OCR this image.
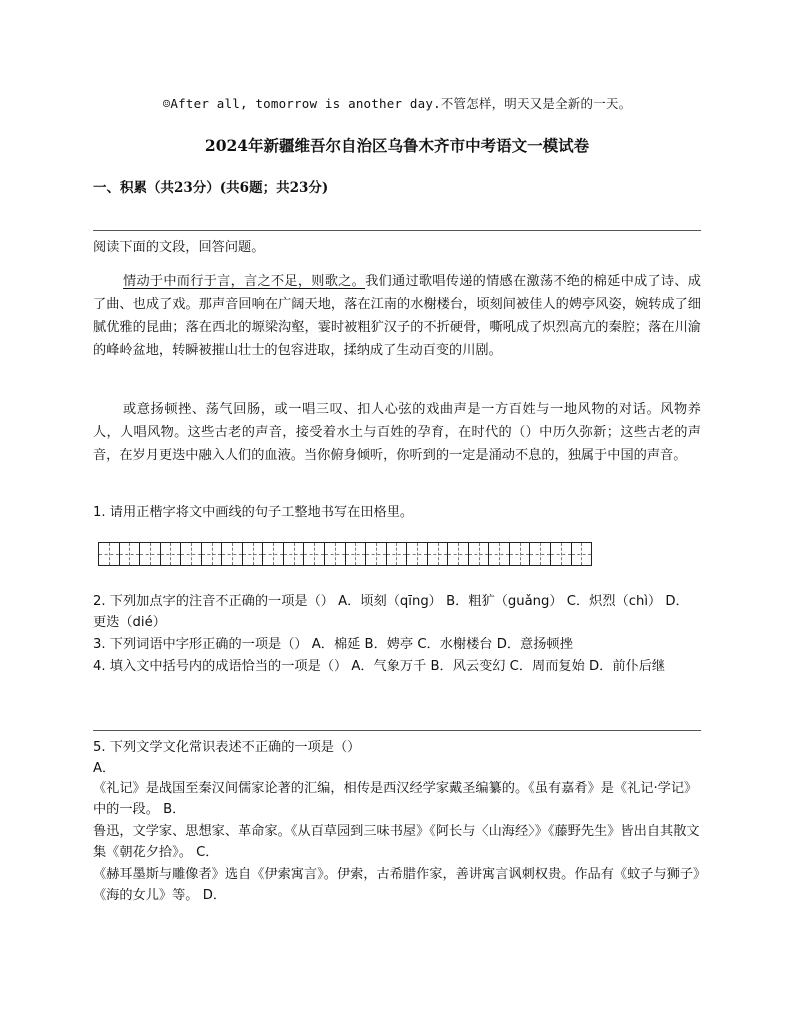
☺After all, tomorrow is another day.不管怎样，明天又是全新的一天。
2024年新疆维吾尔自治区乌鲁木齐市中考语文一模试卷
一、积累（共23分）(共6题；共23分)
阅读下面的文段，回答问题。
情动于中而行于言，言之不足，则歌之。我们通过歌唱传递的情感在激荡不绝的棉延中成了诗、成了曲、也成了戏。那声音回响在广阔天地，落在江南的水榭楼台，顷刻间被佳人的娉亭风姿，婉转成了细腻优雅的昆曲；落在西北的塬梁沟壑，霎时被粗犷汉子的不折硬骨，嘶吼成了炽烈高亢的秦腔；落在川渝的峰岭盆地，转瞬被摧山壮士的包容进取，揉纳成了生动百变的川剧。
或意扬顿挫、荡气回肠，或一唱三叹、扣人心弦的戏曲声是一方百姓与一地风物的对话。风物养人，人唱风物。这些古老的声音，接受着水土与百姓的孕育，在时代的（）中历久弥新；这些古老的声音，在岁月更迭中融入人们的血液。当你俯身倾听，你听到的一定是涌动不息的，独属于中国的声音。
1. 请用正楷字将文中画线的句子工整地书写在田格里。
2. 下列加点字的注音不正确的一项是（） A．顷刻（qīng） B．粗犷（guǎng） C．炽烈（chì） D．更迭（dié）
3. 下列词语中字形正确的一项是（） A．棉延 B．娉亭 C．水榭楼台 D．意扬顿挫
4. 填入文中括号内的成语恰当的一项是（） A．气象万千 B．风云变幻 C．周而复始 D．前仆后继
5. 下列文学文化常识表述不正确的一项是（）
A．
《礼记》是战国至秦汉间儒家论著的汇编，相传是西汉经学家戴圣编纂的。《虽有嘉肴》是《礼记·学记》中的一段。 B．
鲁迅，文学家、思想家、革命家。《从百草园到三味书屋》《阿长与〈山海经〉》《藤野先生》皆出自其散文集《朝花夕拾》。 C．
《赫耳墨斯与雕像者》选自《伊索寓言》。伊索，古希腊作家，善讲寓言讽刺权贵。作品有《蚊子与狮子》《海的女儿》等。 D．
